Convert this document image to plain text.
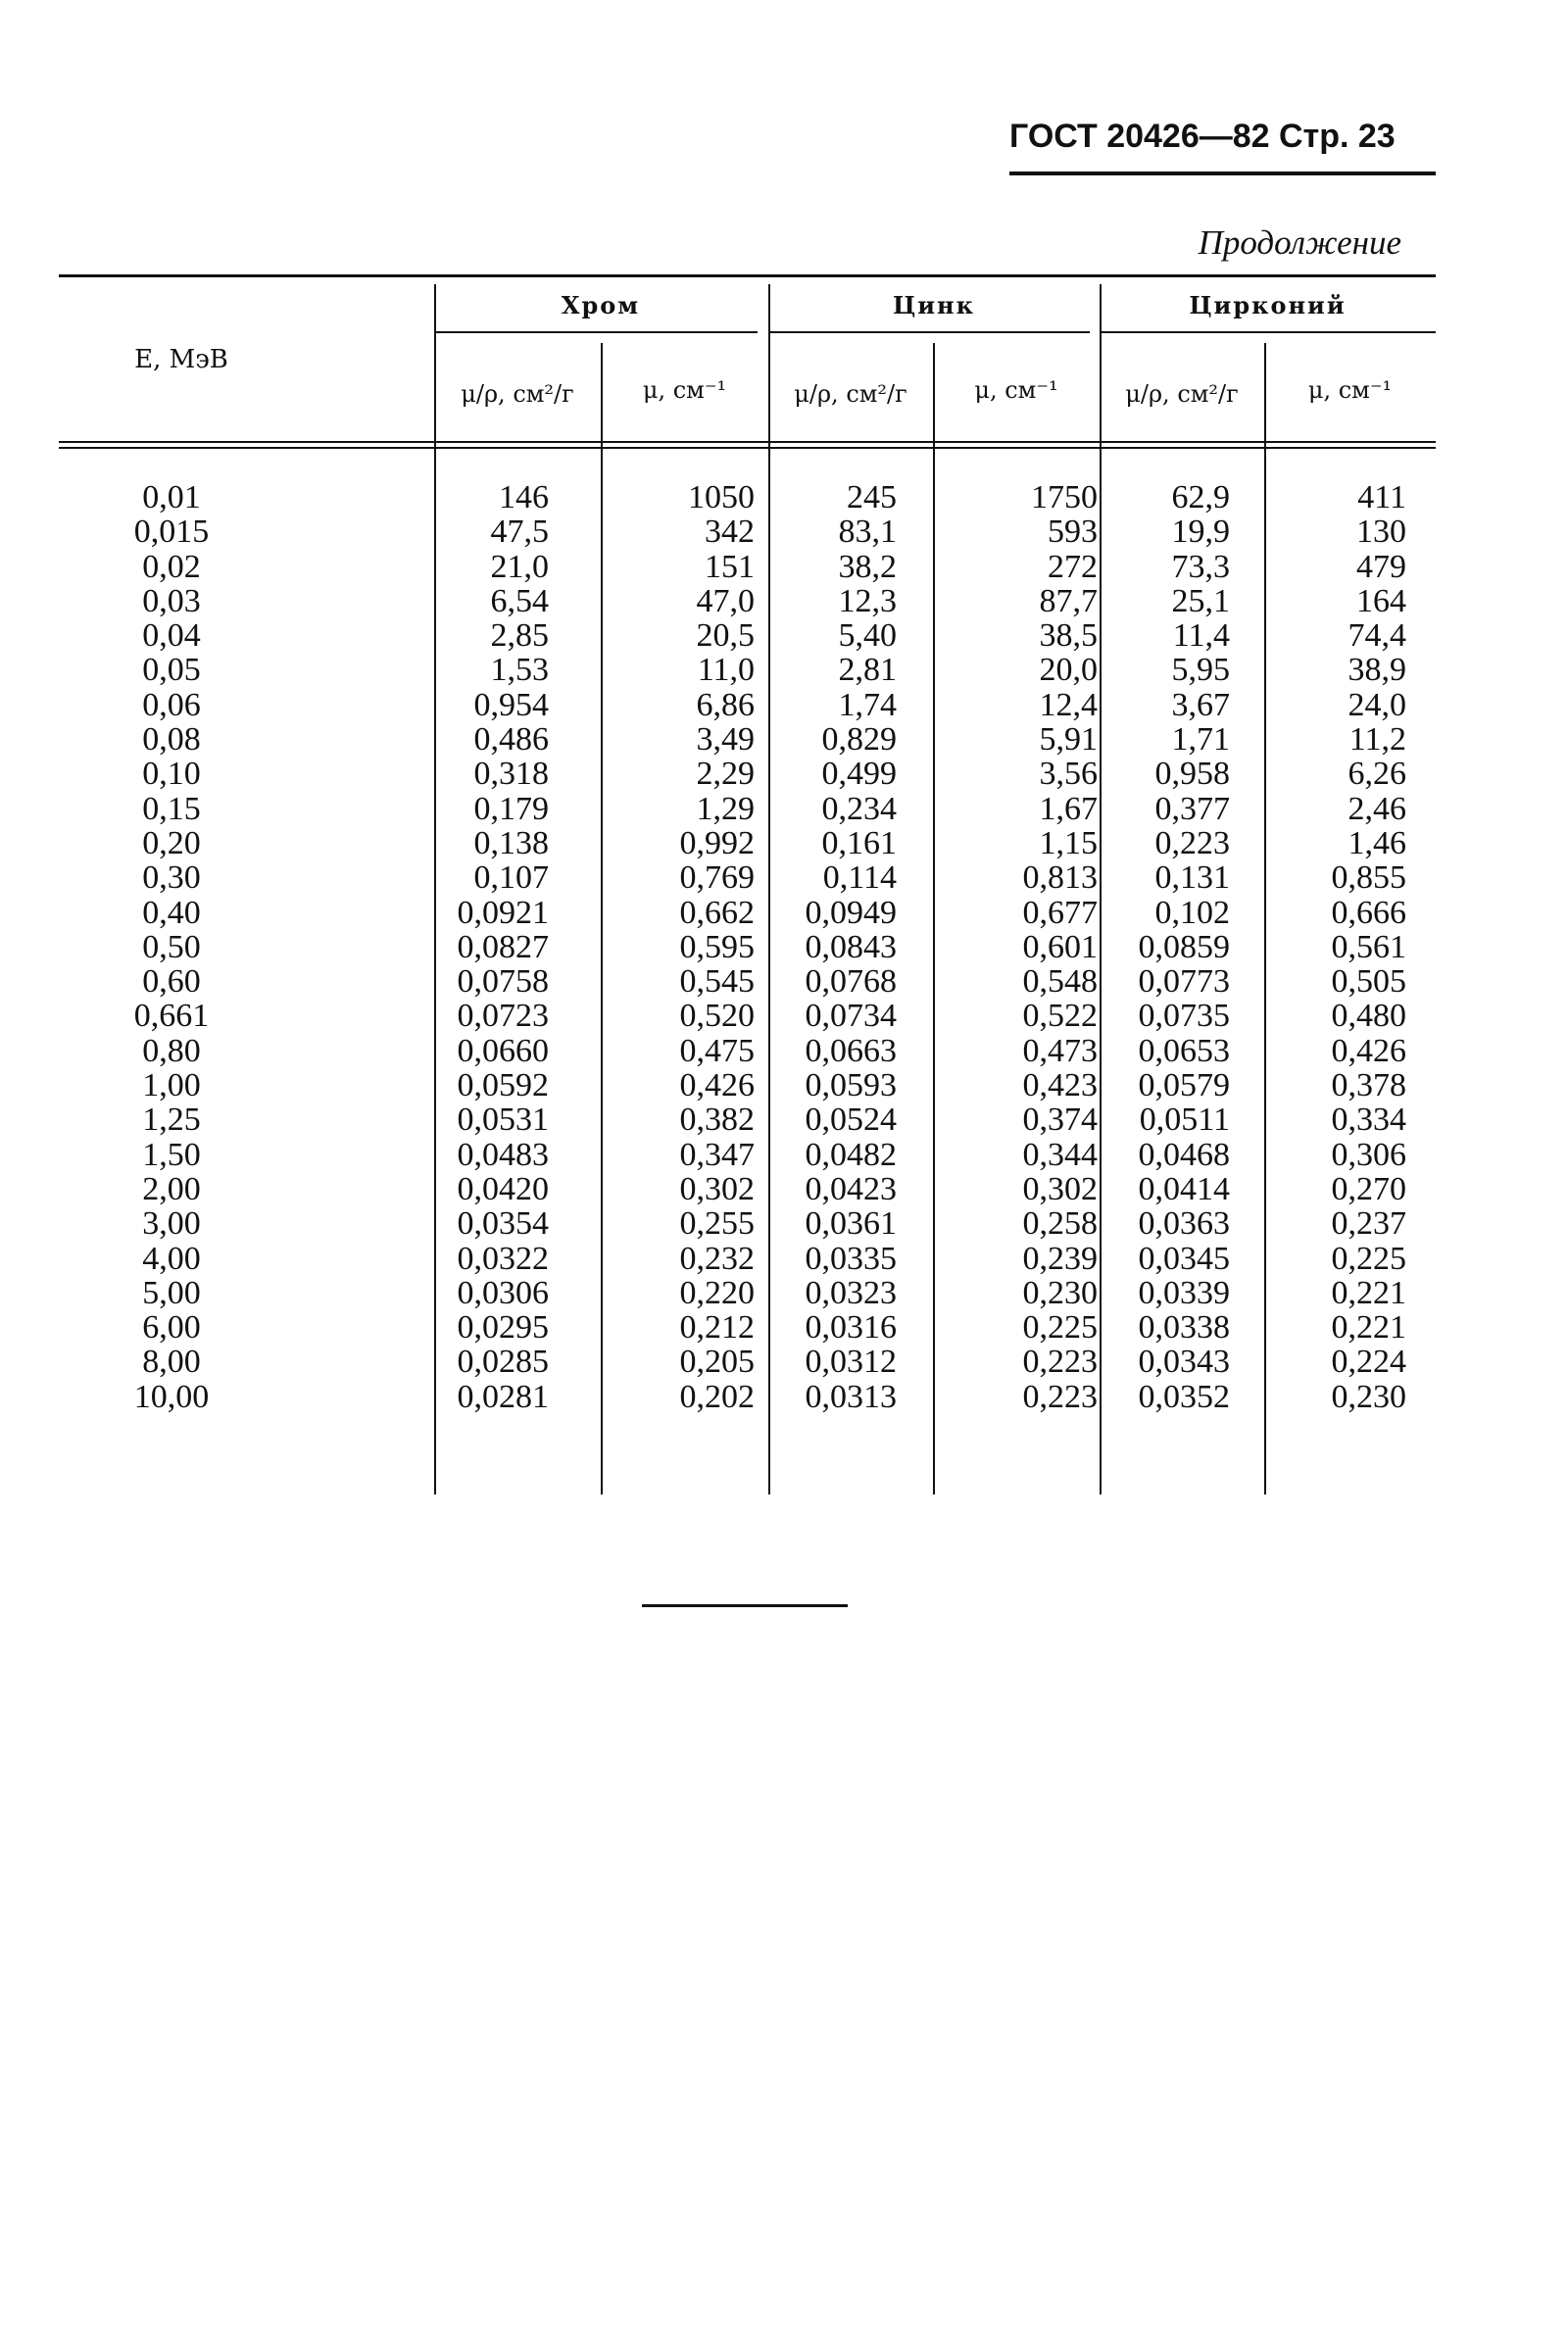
ГОСТ 20426—82 Стр. 23
Продолжение
E, МэВ
Хром	Цинк	Цирконий
μ/ρ, см²/г	μ, см⁻¹	μ/ρ, см²/г	μ, см⁻¹	μ/ρ, см²/г	μ, см⁻¹
0,01	146	1050	245	1750	62,9	411
0,015	47,5	342	83,1	593	19,9	130
0,02	21,0	151	38,2	272	73,3	479
0,03	6,54	47,0	12,3	87,7	25,1	164
0,04	2,85	20,5	5,40	38,5	11,4	74,4
0,05	1,53	11,0	2,81	20,0	5,95	38,9
0,06	0,954	6,86	1,74	12,4	3,67	24,0
0,08	0,486	3,49	0,829	5,91	1,71	11,2
0,10	0,318	2,29	0,499	3,56	0,958	6,26
0,15	0,179	1,29	0,234	1,67	0,377	2,46
0,20	0,138	0,992	0,161	1,15	0,223	1,46
0,30	0,107	0,769	0,114	0,813	0,131	0,855
0,40	0,0921	0,662	0,0949	0,677	0,102	0,666
0,50	0,0827	0,595	0,0843	0,601	0,0859	0,561
0,60	0,0758	0,545	0,0768	0,548	0,0773	0,505
0,661	0,0723	0,520	0,0734	0,522	0,0735	0,480
0,80	0,0660	0,475	0,0663	0,473	0,0653	0,426
1,00	0,0592	0,426	0,0593	0,423	0,0579	0,378
1,25	0,0531	0,382	0,0524	0,374	0,0511	0,334
1,50	0,0483	0,347	0,0482	0,344	0,0468	0,306
2,00	0,0420	0,302	0,0423	0,302	0,0414	0,270
3,00	0,0354	0,255	0,0361	0,258	0,0363	0,237
4,00	0,0322	0,232	0,0335	0,239	0,0345	0,225
5,00	0,0306	0,220	0,0323	0,230	0,0339	0,221
6,00	0,0295	0,212	0,0316	0,225	0,0338	0,221
8,00	0,0285	0,205	0,0312	0,223	0,0343	0,224
10,00	0,0281	0,202	0,0313	0,223	0,0352	0,230
